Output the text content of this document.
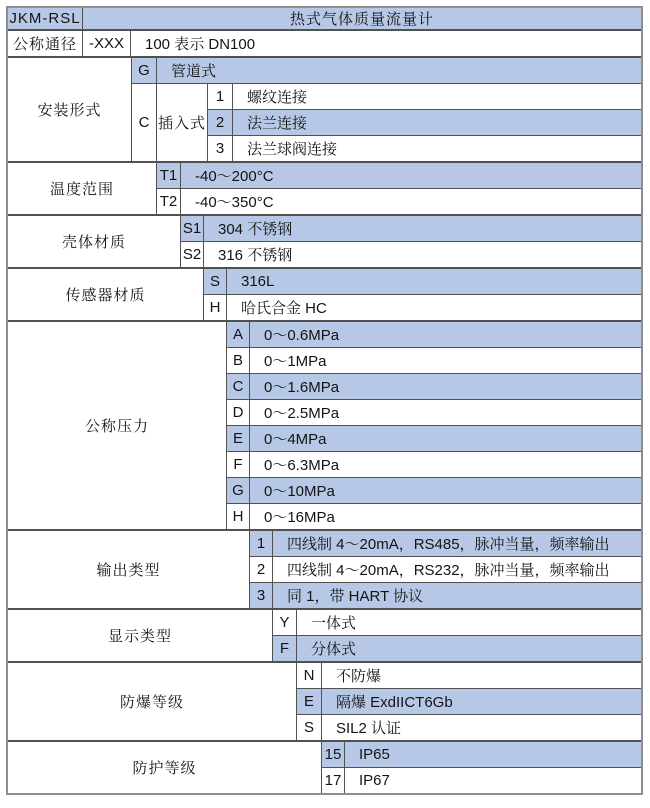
JKM-RSL	热式气体质量流量计
公称通径 -XXX	100 表示 DN100
安装形式
G	管道式
C 插入式
1	螺纹连接
2	法兰连接
3	法兰球阀连接
温度范围
T1	-40～200°C
T2	-40～350°C
壳体材质
S1	304 不锈钢
S2	316 不锈钢
传感器材质
S	316L
H	哈氏合金 HC
公称压力
A	0～0.6MPa
B	0～1MPa
C	0～1.6MPa
D	0～2.5MPa
E	0～4MPa
F	0～6.3MPa
G	0～10MPa
H	0～16MPa
输出类型
1	四线制 4～20mA，RS485，脉冲当量，频率输出
2	四线制 4～20mA，RS232，脉冲当量，频率输出
3	同 1，带 HART 协议
显示类型
Y	一体式
F	分体式
防爆等级
N	不防爆
E	隔爆 ExdIICT6Gb
S	SIL2 认证
防护等级
15	IP65
17	IP67
